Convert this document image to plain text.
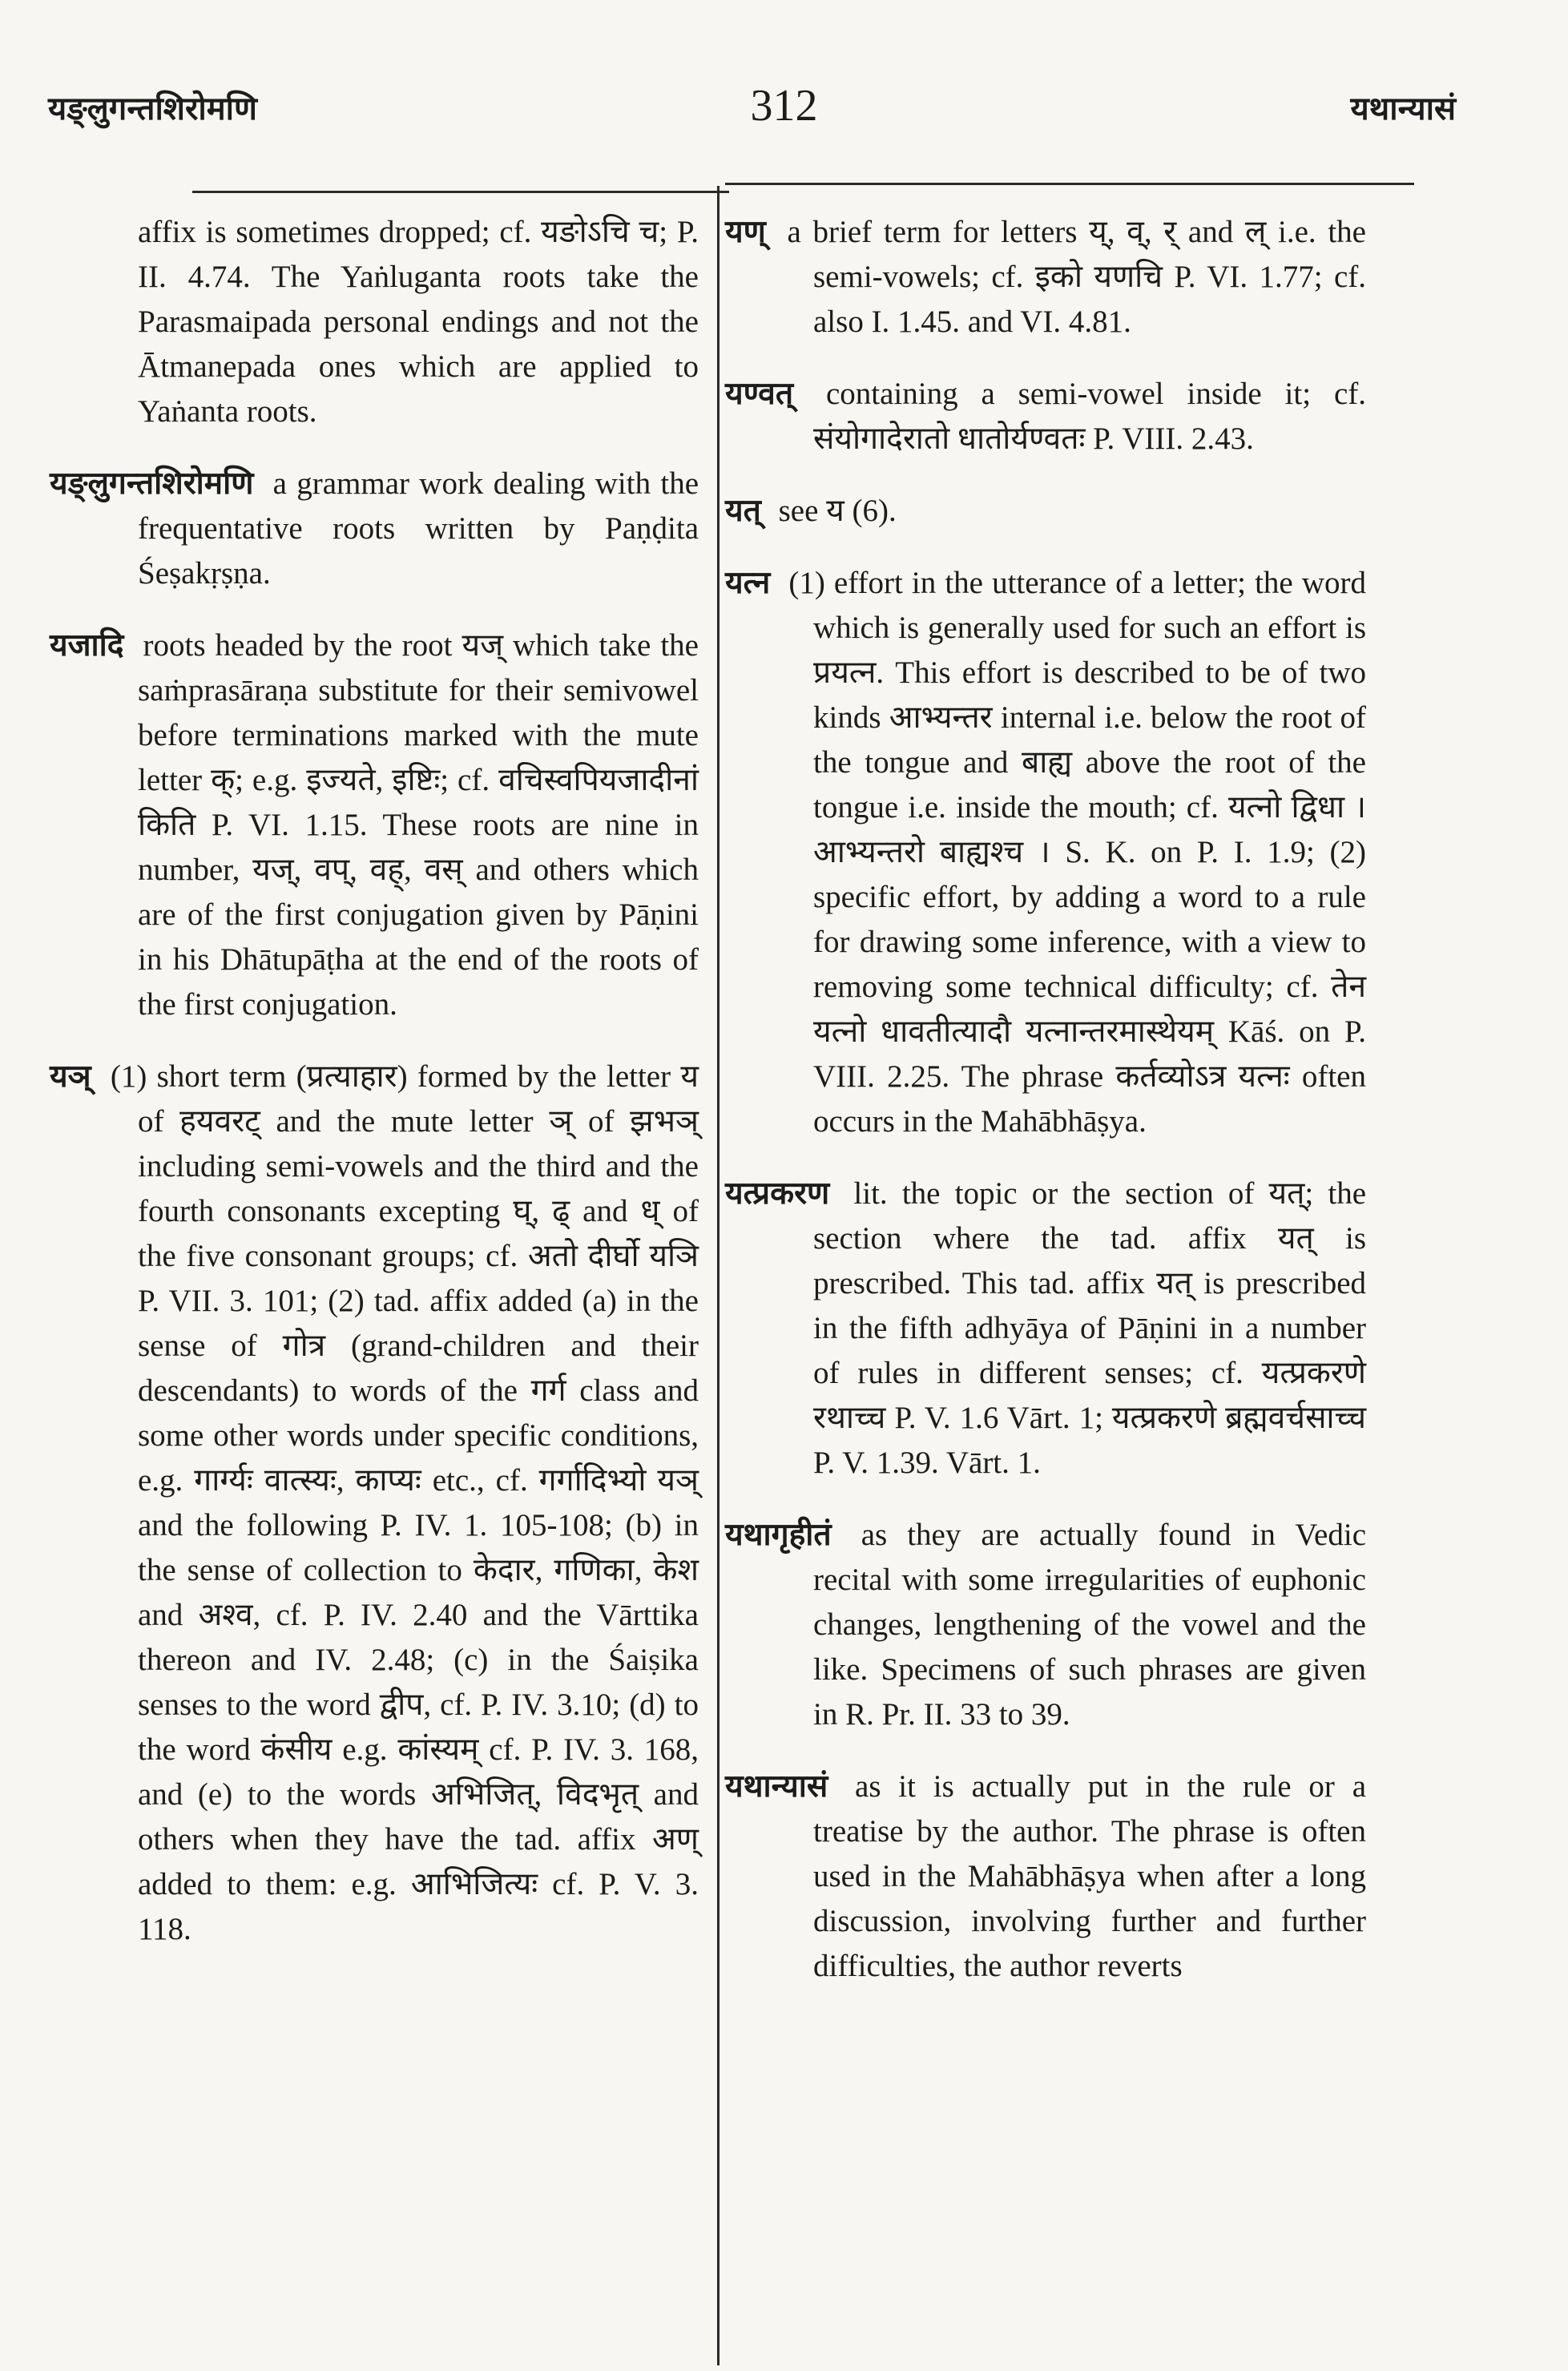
यङ्लुगन्तशिरोमणि	312	यथान्यासं

affix is sometimes dropped; cf. यङोऽचि च; P. II. 4.74. The Yaṅluganta roots take the Parasmaipada personal endings and not the Ātmanepada ones which are applied to Yaṅanta roots.

यङ्लुगन्तशिरोमणि a grammar work dealing with the frequentative roots written by Paṇḍita Śeṣakṛṣṇa.

यजादि roots headed by the root यज् which take the saṁprasāraṇa substitute for their semivowel before terminations marked with the mute letter क्; e.g. इज्यते, इष्टिः; cf. वचिस्वपियजादीनां किति P. VI. 1.15. These roots are nine in number, यज्, वप्, वह्, वस् and others which are of the first conjugation given by Pāṇini in his Dhātupāṭha at the end of the roots of the first conjugation.

यञ् (1) short term (प्रत्याहार) formed by the letter य of हयवरट् and the mute letter ञ् of झभञ् including semi-vowels and the third and the fourth consonants excepting घ्, ढ् and ध् of the five consonant groups; cf. अतो दीर्घो यञि P. VII. 3. 101; (2) tad. affix added (a) in the sense of गोत्र (grand-children and their descendants) to words of the गर्ग class and some other words under specific conditions, e.g. गार्ग्यः वात्स्यः, काप्यः etc., cf. गर्गादिभ्यो यञ् and the following P. IV. 1. 105-108; (b) in the sense of collection to केदार, गणिका, केश and अश्व, cf. P. IV. 2.40 and the Vārttika thereon and IV. 2.48; (c) in the Śaiṣika senses to the word द्वीप, cf. P. IV. 3.10; (d) to the word कंसीय e.g. कांस्यम् cf. P. IV. 3. 168, and (e) to the words अभिजित्, विदभृत् and others when they have the tad. affix अण् added to them: e.g. आभिजित्यः cf. P. V. 3. 118.

यण् a brief term for letters य्, व्, र् and ल् i.e. the semi-vowels; cf. इको यणचि P. VI. 1.77; cf. also I. 1.45. and VI. 4.81.

यण्वत् containing a semi-vowel inside it; cf. संयोगादेरातो धातोर्यण्वतः P. VIII. 2.43.

यत् see य (6).

यत्न (1) effort in the utterance of a letter; the word which is generally used for such an effort is प्रयत्न. This effort is described to be of two kinds आभ्यन्तर internal i.e. below the root of the tongue and बाह्य above the root of the tongue i.e. inside the mouth; cf. यत्नो द्विधा । आभ्यन्तरो बाह्यश्च । S. K. on P. I. 1.9; (2) specific effort, by adding a word to a rule for drawing some inference, with a view to removing some technical difficulty; cf. तेन यत्नो धावतीत्यादौ यत्नान्तरमास्थेयम् Kāś. on P. VIII. 2.25. The phrase कर्तव्योऽत्र यत्नः often occurs in the Mahābhāṣya.

यत्प्रकरण lit. the topic or the section of यत्; the section where the tad. affix यत् is prescribed. This tad. affix यत् is prescribed in the fifth adhyāya of Pāṇini in a number of rules in different senses; cf. यत्प्रकरणे रथाच्च P. V. 1.6 Vārt. 1; यत्प्रकरणे ब्रह्मवर्चसाच्च P. V. 1.39. Vārt. 1.

यथागृहीतं as they are actually found in Vedic recital with some irregularities of euphonic changes, lengthening of the vowel and the like. Specimens of such phrases are given in R. Pr. II. 33 to 39.

यथान्यासं as it is actually put in the rule or a treatise by the author. The phrase is often used in the Mahābhāṣya when after a long discussion, involving further and further difficulties, the author reverts
